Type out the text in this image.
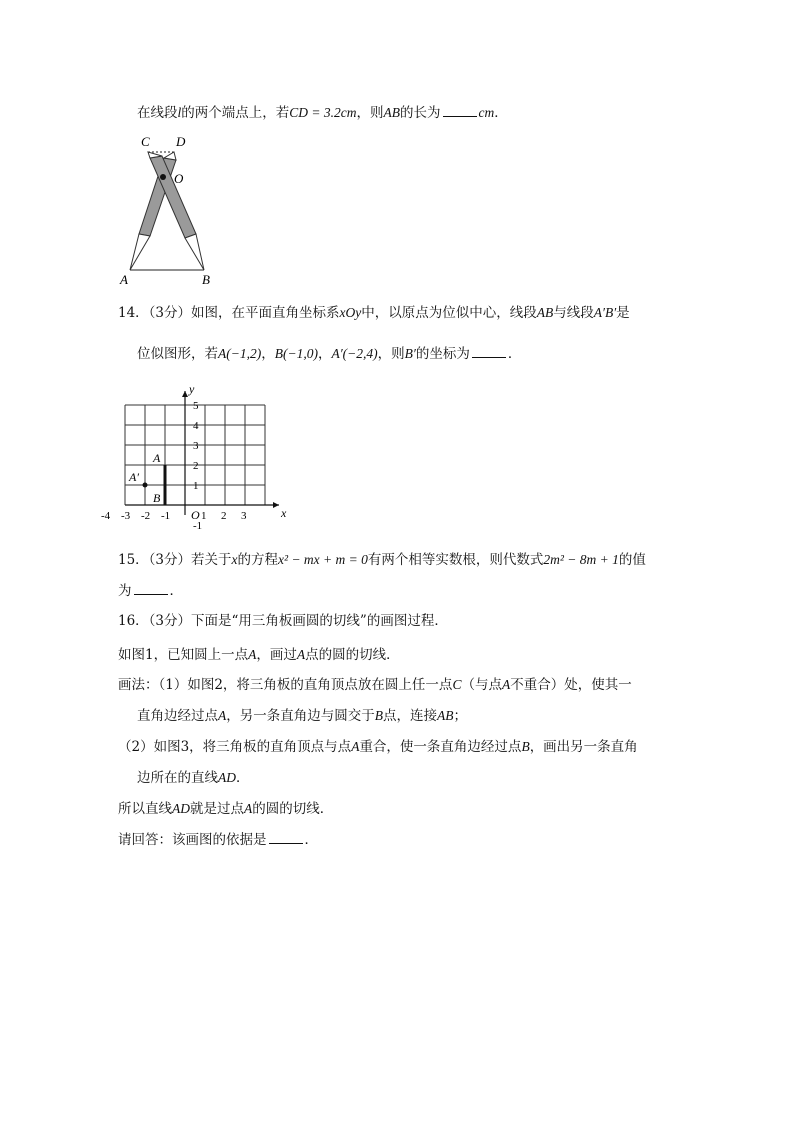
在线段l的两个端点上，若CD = 3.2cm，则AB的长为	cm．
C D
O
A	B
14．（3分）如图，在平面直角坐标系xOy中，以原点为位似中心，线段AB与线段A′B′是
位似图形，若A(−1,2)，B(−1,0)，A′(−2,4)，则B′的坐标为	．
-4 -3 -2 -1	1 2 3
5
4
3
2
1
-1
x
y
O
A
B
A′
15．（3分）若关于x的方程x² − mx + m = 0有两个相等实数根，则代数式2m² − 8m + 1的值
为	．
16．（3分）下面是“用三角板画圆的切线”的画图过程．
如图1，已知圆上一点A，画过A点的圆的切线．
画法：（1）如图2，将三角板的直角顶点放在圆上任一点C（与点A不重合）处，使其一
直角边经过点A，另一条直角边与圆交于B点，连接AB；
（2）如图3，将三角板的直角顶点与点A重合，使一条直角边经过点B，画出另一条直角
边所在的直线AD．
所以直线AD就是过点A的圆的切线．
请回答：该画图的依据是	．
